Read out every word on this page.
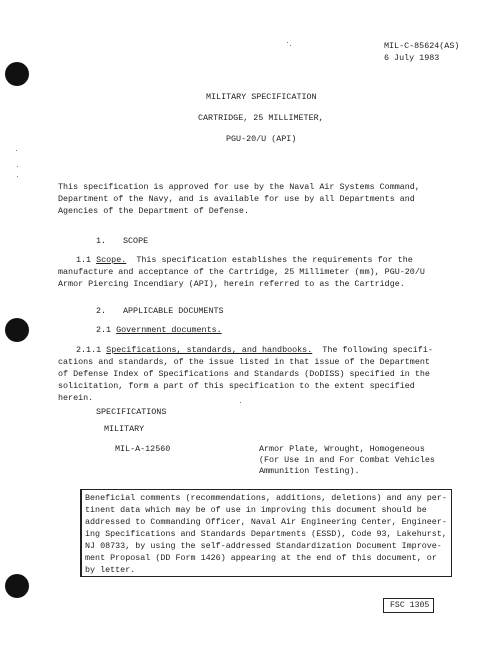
MIL-C-85624(AS)
6 July 1983
MILITARY SPECIFICATION
CARTRIDGE, 25 MILLIMETER,
PGU-20/U (API)
This specification is approved for use by the Naval Air Systems Command,
Department of the Navy, and is available for use by all Departments and
Agencies of the Department of Defense.
1. SCOPE
1.1 Scope. This specification establishes the requirements for the
manufacture and acceptance of the Cartridge, 25 Millimeter (mm), PGU-20/U
Armor Piercing Incendiary (API), herein referred to as the Cartridge.
2. APPLICABLE DOCUMENTS
2.1 Government documents.
2.1.1 Specifications, standards, and handbooks. The following specifi-
cations and standards, of the issue listed in that issue of the Department
of Defense Index of Specifications and Standards (DoDISS) specified in the
solicitation, form a part of this specification to the extent specified
herein.
SPECIFICATIONS
MILITARY
MIL-A-12560	Armor Plate, Wrought, Homogeneous
(For Use in and For Combat Vehicles
Ammunition Testing).
Beneficial comments (recommendations, additions, deletions) and any per-
tinent data which may be of use in improving this document should be
addressed to Commanding Officer, Naval Air Engineering Center, Engineer-
ing Specifications and Standards Departments (ESSD), Code 93, Lakehurst,
NJ 08733, by using the self-addressed Standardization Document Improve-
ment Proposal (DD Form 1426) appearing at the end of this document, or
by letter.
FSC 1305
